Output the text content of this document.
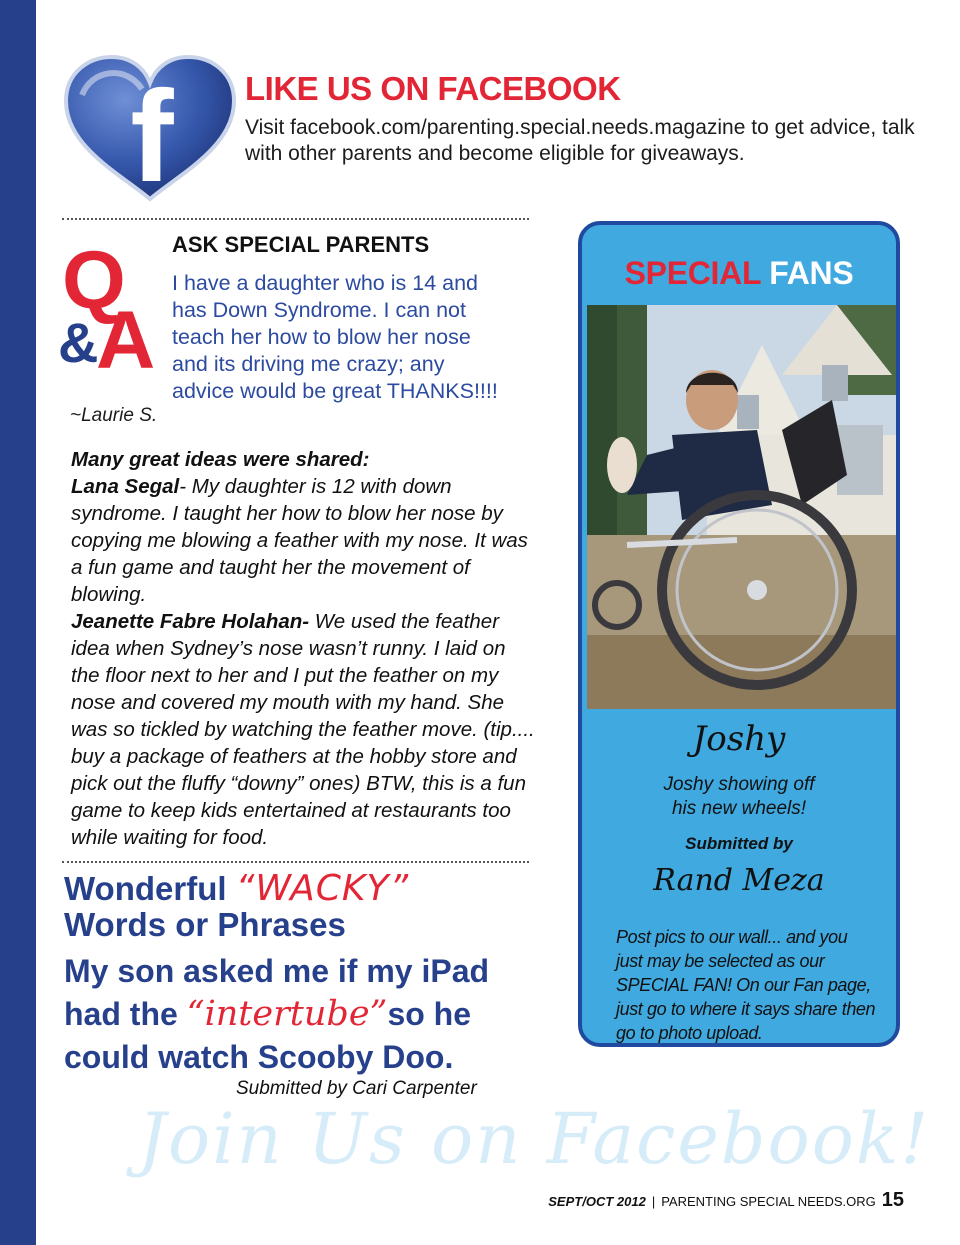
f LIKE US ON FACEBOOK
Visit facebook.com/parenting.special.needs.magazine to get advice, talk with other parents and become eligible for giveaways.
Q
&
A
ASK SPECIAL PARENTS
I have a daughter who is 14 and has Down Syndrome. I can not teach her how to blow her nose and its driving me crazy; any advice would be great THANKS!!!!
~Laurie S.

Many great ideas were shared:

Lana Segal- My daughter is 12 with down syndrome. I taught her how to blow her nose by copying me blowing a feather with my nose. It was a fun game and taught her the movement of blowing.

Jeanette Fabre Holahan- We used the feather idea when Sydney’s nose wasn’t runny. I laid on the floor next to her and I put the feather on my nose and covered my mouth with my hand. She was so tickled by watching the feather move. (tip.... buy a package of feathers at the hobby store and pick out the fluffy “downy” ones) BTW, this is a fun game to keep kids entertained at restaurants too while waiting for food.

Wonderful “WACKY”
Words or Phrases
My son asked me if my iPad had the “intertube”so he could watch Scooby Doo.
Submitted by Cari Carpenter
SPECIAL FANS
Joshy
Joshy showing off
his new wheels!
Submitted by
Rand Meza
Post pics to our wall... and you just may be selected as our SPECIAL FAN! On our Fan page, just go to where it says share then go to photo upload.
Join Us on Facebook!
SEPT/OCT 2012 | PARENTING SPECIAL NEEDS.ORG 15
